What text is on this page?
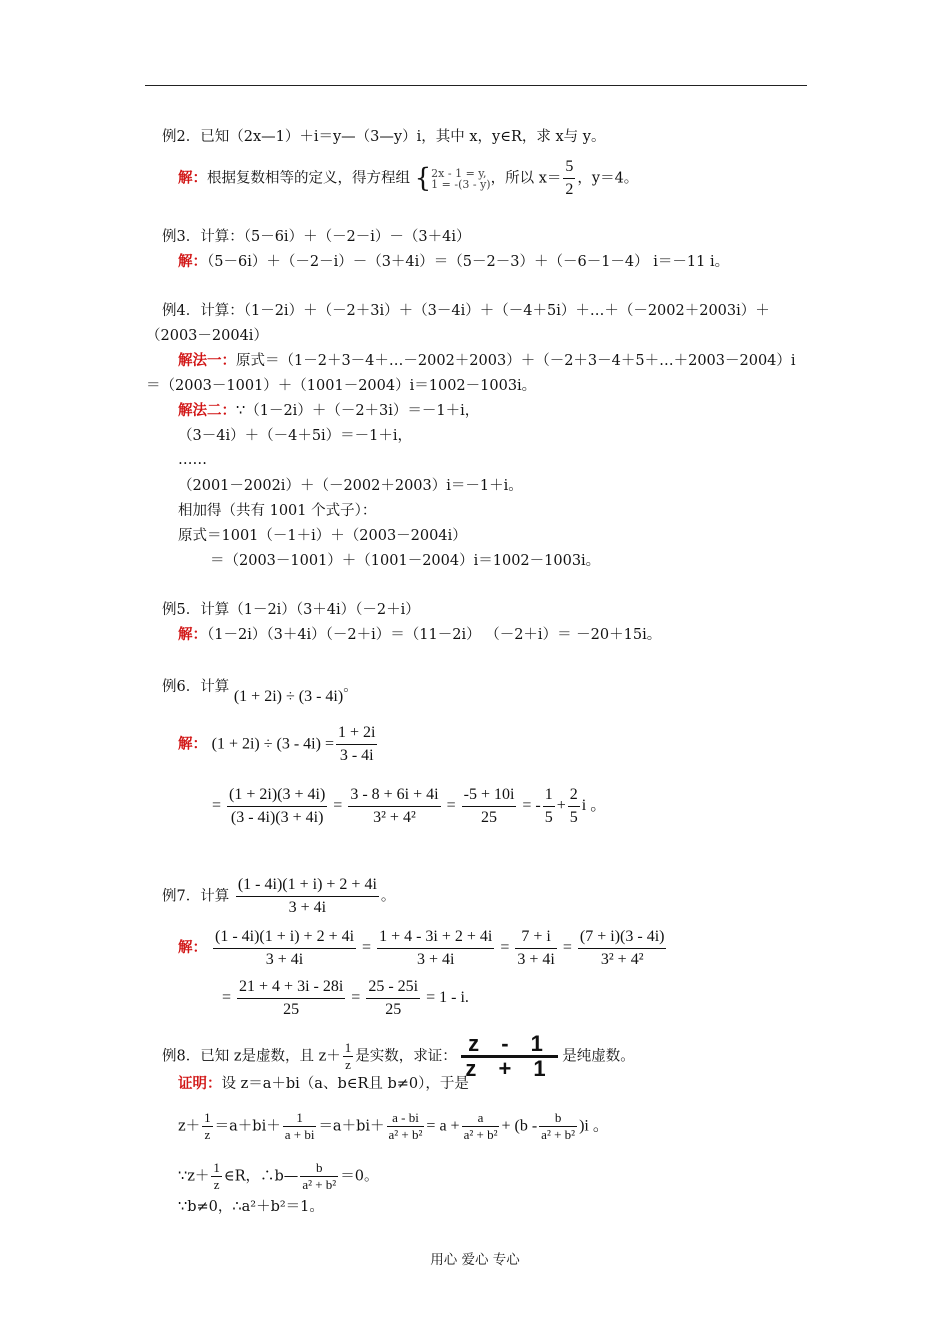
例2．已知（2x—1）＋i＝y—（3—y）i，其中 x，y∈R，求 x与 y。
解：根据复数相等的定义，得方程组 { 2x - 1 = y,
1 = -(3 - y) ，所以 $x= \frac{5}{2}$ ，y＝4。
例3．计算：（5－6i）＋（－2－i）－（3＋4i）
解：（5－6i）＋（－2－i）－（3＋4i）＝（5－2－3）＋（－6－1－4） i＝－11 i。
例4．计算：（1－2i）＋（－2＋3i）＋（3－4i）＋（－4＋5i）＋…＋（－2002＋2003i）＋
（2003－2004i）
解法一：原式＝（1－2＋3－4＋…－2002＋2003）＋（－2＋3－4＋5＋…＋2003－2004）i
＝（2003－1001）＋（1001－2004）i＝1002－1003i。
解法二：∵（1－2i）＋（－2＋3i）＝－1＋i，
（3－4i）＋（－4＋5i）＝－1＋i，
……
（2001－2002i）＋（－2002＋2003）i＝－1＋i。
相加得（共有 1001 个式子）：
原式＝1001（－1＋i）＋（2003－2004i）
＝（2003－1001）＋（1001－2004）i＝1002－1003i。
例5．计算（1－2i）（3＋4i）（－2＋i）
解：（1－2i）（3＋4i）（－2＋i）＝（11－2i） （－2＋i）＝ －20＋15i。
例6．计算 (1 + 2i) ÷ (3 - 4i)。
解： $(1 + 2i) \div (3 - 4i) = \frac{1 + 2i}{3 - 4i}$
= $\frac{(1 + 2i)(3 + 4i)}{(3 - 4i)(3 + 4i)} = \frac{3 - 8 + 6i + 4i}{\text{3² + 4²}} = \frac{-5 + 10i}{25}$ = - $\frac{1}{5} + \frac{2}{5}$ i 。
例7．计算 $\frac{(1 - 4i)(1 + i) + 2 + 4i}{3 + 4i}$ 。
解： $\frac{(1 - 4i)(1 + i) + 2 + 4i}{3 + 4i} = \frac{1 + 4 - 3i + 2 + 4i}{3 + 4i} = \frac{7 + i}{3 + 4i} = \frac{(7 + i)(3 - 4i)}{\text{3² + 4²}}$
= $\frac{21 + 4 + 3i - 28i}{25} = \frac{25 - 25i}{25} = 1 - i$.
例8．已知 z是虚数，且 $z+ \frac{1}{z}$ 是实数，求证： $\frac{z - 1}{z + 1}$ 是纯虚数。
证明：设 z＝a＋bi（a、b∈R且 b≠0），于是
$z+ \frac{1}{z} =a+bi+ \frac{1}{a + bi} =a+bi+ \frac{a - bi}{\text{a² + b²}} = a + \frac{a}{\text{a² + b²}} + (b - \frac{b}{\text{a² + b²}} )i$ 。
∵z＋ $\frac{1}{z}$ ∈R，∴b— $\frac{b}{\text{a² + b²}} =0$。
∵b≠0，∴a²＋b²＝1。
用心 爱心 专心
